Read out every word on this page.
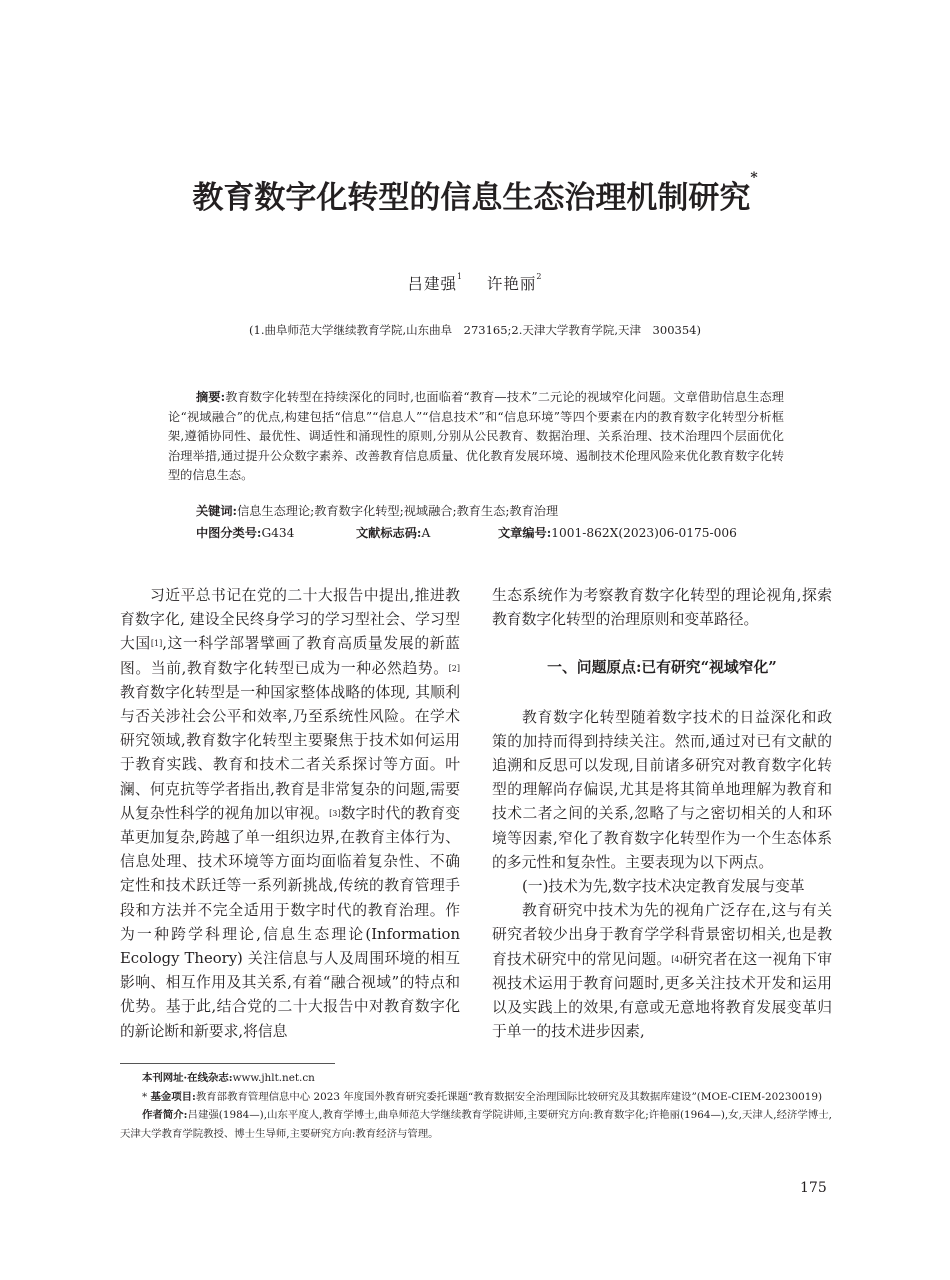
教育数字化转型的信息生态治理机制研究*
吕建强$^1$ 许艳丽$^2$
(1.曲阜师范大学继续教育学院,山东曲阜　273165;2.天津大学教育学院,天津　300354)
摘要:教育数字化转型在持续深化的同时,也面临着“教育—技术”二元论的视域窄化问题。文章借助信息生态理论“视域融合”的优点,构建包括“信息”“信息人”“信息技术”和“信息环境”等四个要素在内的教育数字化转型分析框架,遵循协同性、最优性、调适性和涌现性的原则,分别从公民教育、数据治理、关系治理、技术治理四个层面优化治理举措,通过提升公众数字素养、改善教育信息质量、优化教育发展环境、遏制技术伦理风险来优化教育数字化转型的信息生态。
关键词:信息生态理论;教育数字化转型;视域融合;教育生态;教育治理
中图分类号:G434	文献标志码:A	文章编号:1001-862X(2023)06-0175-006

习近平总书记在党的二十大报告中提出,推进教育数字化, 建设全民终身学习的学习型社会、学习型大国[1],这一科学部署擘画了教育高质量发展的新蓝图。当前,教育数字化转型已成为一种必然趋势。[2]教育数字化转型是一种国家整体战略的体现, 其顺利与否关涉社会公平和效率,乃至系统性风险。在学术研究领域,教育数字化转型主要聚焦于技术如何运用于教育实践、教育和技术二者关系探讨等方面。叶澜、何克抗等学者指出,教育是非常复杂的问题,需要从复杂性科学的视角加以审视。[3]数字时代的教育变革更加复杂,跨越了单一组织边界,在教育主体行为、信息处理、技术环境等方面均面临着复杂性、不确定性和技术跃迁等一系列新挑战,传统的教育管理手段和方法并不完全适用于数字时代的教育治理。作为一种跨学科理论,信息生态理论(Information Ecology Theory) 关注信息与人及周围环境的相互影响、相互作用及其关系,有着“融合视域”的特点和优势。基于此,结合党的二十大报告中对教育数字化的新论断和新要求,将信息

生态系统作为考察教育数字化转型的理论视角,探索教育数字化转型的治理原则和变革路径。

一、问题原点:已有研究“视域窄化”

教育数字化转型随着数字技术的日益深化和政策的加持而得到持续关注。然而,通过对已有文献的追溯和反思可以发现,目前诸多研究对教育数字化转型的理解尚存偏误,尤其是将其简单地理解为教育和技术二者之间的关系,忽略了与之密切相关的人和环境等因素,窄化了教育数字化转型作为一个生态体系的多元性和复杂性。主要表现为以下两点。

(一)技术为先,数字技术决定教育发展与变革

教育研究中技术为先的视角广泛存在,这与有关研究者较少出身于教育学学科背景密切相关,也是教育技术研究中的常见问题。[4]研究者在这一视角下审视技术运用于教育问题时,更多关注技术开发和运用以及实践上的效果,有意或无意地将教育发展变革归于单一的技术进步因素,

本刊网址·在线杂志:www.jhlt.net.cn

* 基金项目:教育部教育管理信息中心 2023 年度国外教育研究委托课题“教育数据安全治理国际比较研究及其数据库建设”(MOE-CIEM-20230019)

作者简介:吕建强(1984—),山东平度人,教育学博士,曲阜师范大学继续教育学院讲师,主要研究方向:教育数字化;许艳丽(1964—),女,天津人,经济学博士,天津大学教育学院教授、博士生导师,主要研究方向:教育经济与管理。

175
